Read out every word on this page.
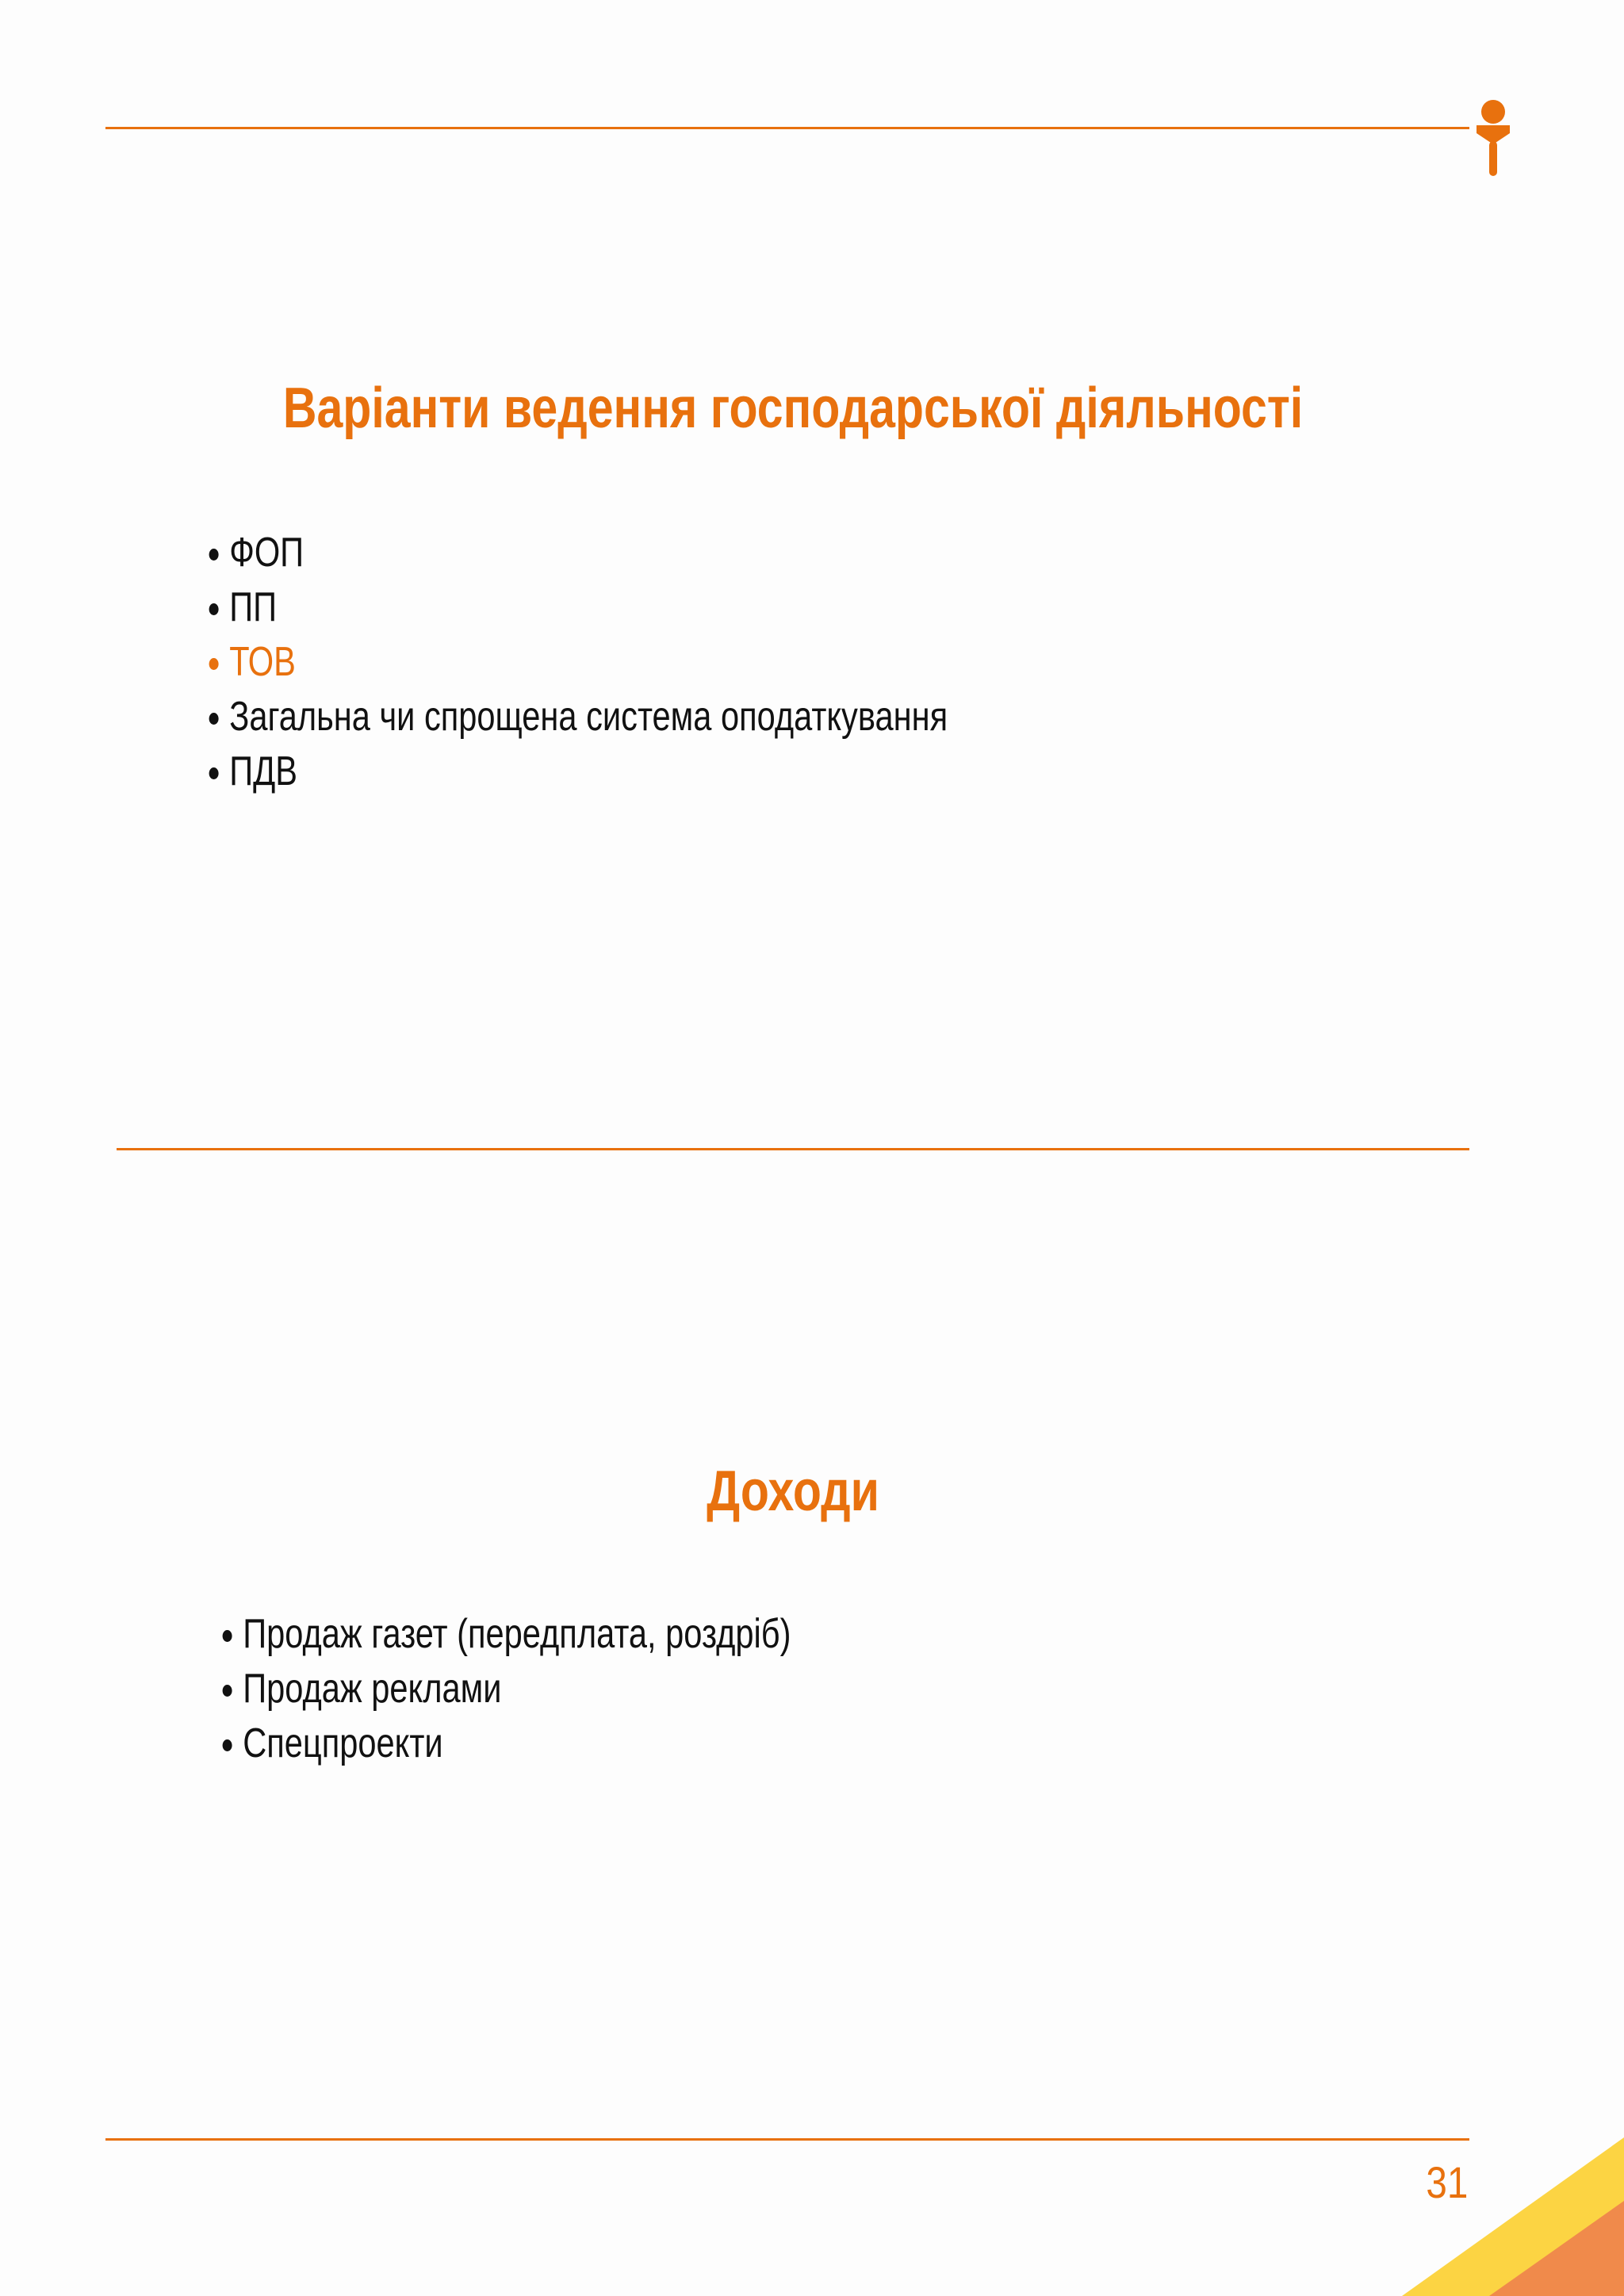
Варіанти ведення господарської діяльності
ФОП
ПП
ТОВ
Загальна чи спрощена система оподаткування
ПДВ
Доходи
Продаж газет (передплата, роздріб)
Продаж реклами
Спецпроекти
31
